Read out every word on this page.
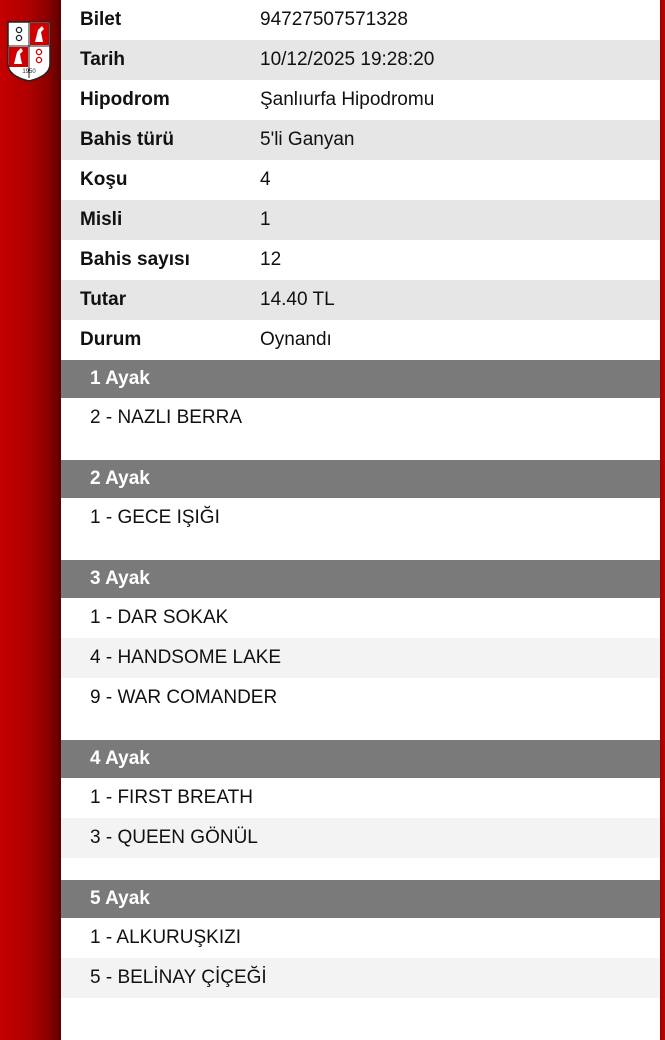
1950
Bilet	94727507571328
Tarih	10/12/2025 19:28:20
Hipodrom	Şanlıurfa Hipodromu
Bahis türü	5'li Ganyan
Koşu	4
Misli	1
Bahis sayısı	12
Tutar	14.40 TL
Durum	Oynandı
1 Ayak
2 - NAZLI BERRA
2 Ayak
1 - GECE IŞIĞI
3 Ayak
1 - DAR SOKAK
4 - HANDSOME LAKE
9 - WAR COMANDER
4 Ayak
1 - FIRST BREATH
3 - QUEEN GÖNÜL
5 Ayak
1 - ALKURUŞKIZI
5 - BELİNAY ÇİÇEĞİ
